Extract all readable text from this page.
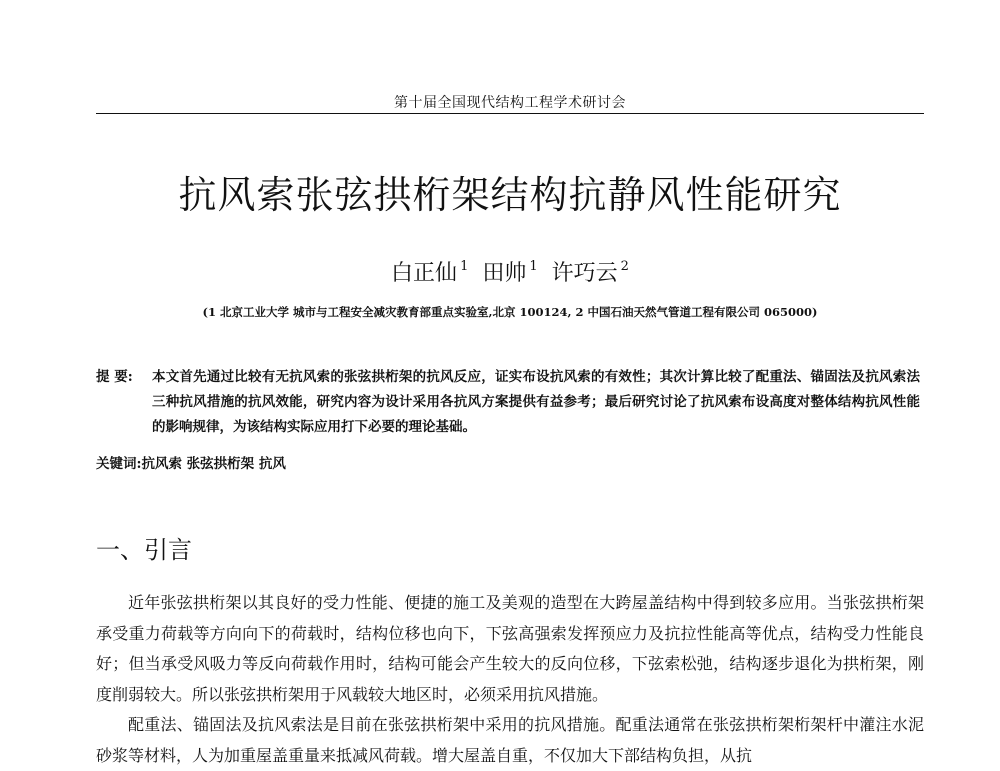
第十届全国现代结构工程学术研讨会
抗风索张弦拱桁架结构抗静风性能研究
白正仙 $^1$ 田帅 $^1$ 许巧云 $^2$
(1 北京工业大学 城市与工程安全减灾教育部重点实验室,北京 100124, 2 中国石油天然气管道工程有限公司 065000)
提 要:	本文首先通过比较有无抗风索的张弦拱桁架的抗风反应，证实布设抗风索的有效性；其次计算比较了配重法、锚固法及抗风索法三种抗风措施的抗风效能，研究内容为设计采用各抗风方案提供有益参考；最后研究讨论了抗风索布设高度对整体结构抗风性能的影响规律，为该结构实际应用打下必要的理论基础。
关键词:抗风索 张弦拱桁架 抗风
一、引言

近年张弦拱桁架以其良好的受力性能、便捷的施工及美观的造型在大跨屋盖结构中得到较多应用。当张弦拱桁架承受重力荷载等方向向下的荷载时，结构位移也向下，下弦高强索发挥预应力及抗拉性能高等优点，结构受力性能良好；但当承受风吸力等反向荷载作用时，结构可能会产生较大的反向位移，下弦索松弛，结构逐步退化为拱桁架，刚度削弱较大。所以张弦拱桁架用于风载较大地区时，必须采用抗风措施。

配重法、锚固法及抗风索法是目前在张弦拱桁架中采用的抗风措施。配重法通常在张弦拱桁架桁架杆中灌注水泥砂浆等材料，人为加重屋盖重量来抵减风荷载。增大屋盖自重，不仅加大下部结构负担，从抗
